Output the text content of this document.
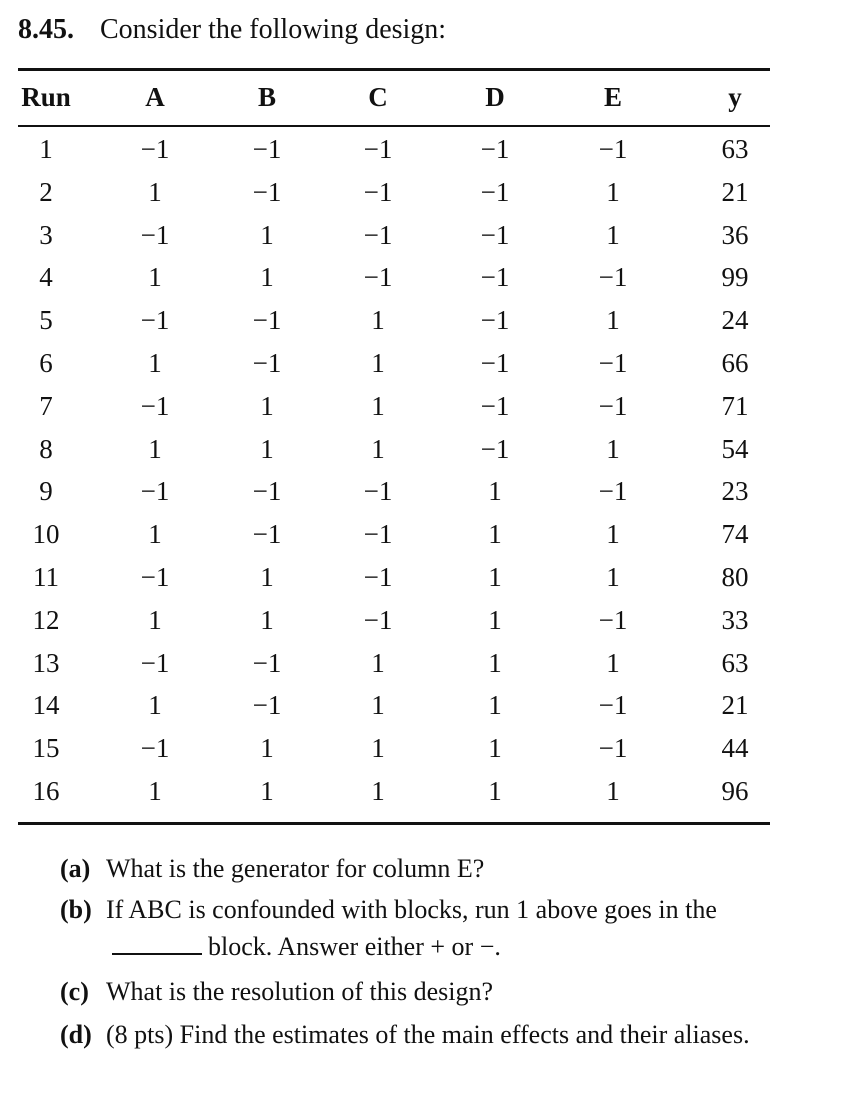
8.45. Consider the following design:
Run	A	B	C	D	E	y
1	−1	−1	−1	−1	−1	63
2	1	−1	−1	−1	1	21
3	−1	1	−1	−1	1	36
4	1	1	−1	−1	−1	99
5	−1	−1	1	−1	1	24
6	1	−1	1	−1	−1	66
7	−1	1	1	−1	−1	71
8	1	1	1	−1	1	54
9	−1	−1	−1	1	−1	23
10	1	−1	−1	1	1	74
11	−1	1	−1	1	1	80
12	1	1	−1	1	−1	33
13	−1	−1	1	1	1	63
14	1	−1	1	1	−1	21
15	−1	1	1	1	−1	44
16	1	1	1	1	1	96
(a) What is the generator for column E?
(b) If ABC is confounded with blocks, run 1 above goes in theblock. Answer either + or −.
(c) What is the resolution of this design?
(d) (8 pts) Find the estimates of the main effects and their aliases.
